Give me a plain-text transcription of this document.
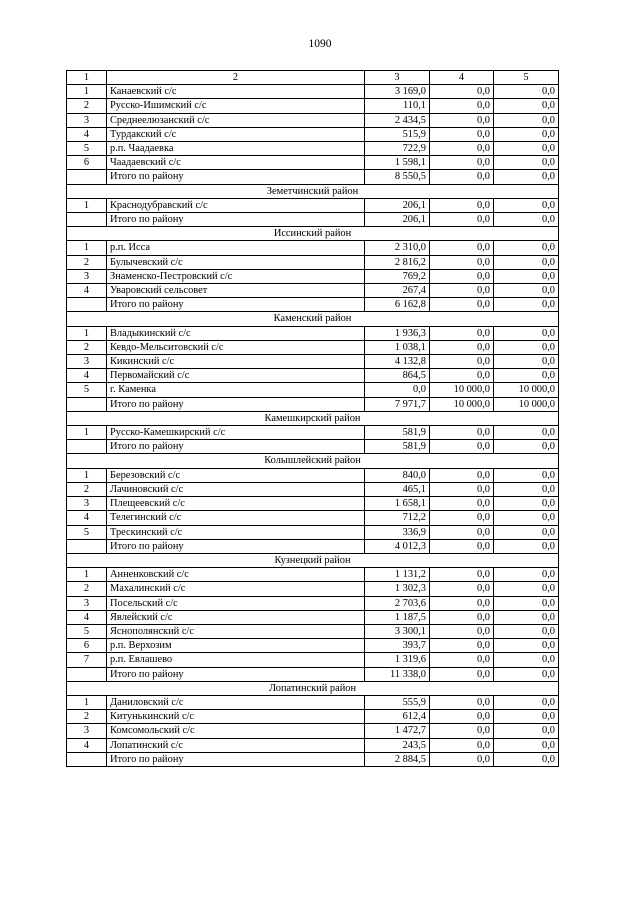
1090
1	2	3	4	5
1	Канаевский с/с	3 169,0	0,0	0,0
2	Русско-Ишимский с/с	110,1	0,0	0,0
3	Среднеелюзанский с/с	2 434,5	0,0	0,0
4	Турдакский с/с	515,9	0,0	0,0
5	р.п. Чаадаевка	722,9	0,0	0,0
6	Чаадаевский с/с	1 598,1	0,0	0,0
	Итого по району	8 550,5	0,0	0,0
Земетчинский район				
1	Краснодубравский с/с	206,1	0,0	0,0
	Итого по району	206,1	0,0	0,0
Иссинский район				
1	р.п. Исса	2 310,0	0,0	0,0
2	Булычевский с/с	2 816,2	0,0	0,0
3	Знаменско-Пестровский с/с	769,2	0,0	0,0
4	Уваровский сельсовет	267,4	0,0	0,0
	Итого по району	6 162,8	0,0	0,0
Каменский район				
1	Владыкинский с/с	1 936,3	0,0	0,0
2	Кевдо-Мельситовский с/с	1 038,1	0,0	0,0
3	Кикинский с/с	4 132,8	0,0	0,0
4	Первомайский с/с	864,5	0,0	0,0
5	г. Каменка	0,0	10 000,0	10 000,0
	Итого по району	7 971,7	10 000,0	10 000,0
Камешкирский район				
1	Русско-Камешкирский с/с	581,9	0,0	0,0
	Итого по району	581,9	0,0	0,0
Колышлейский район				
1	Березовский с/с	840,0	0,0	0,0
2	Лачиновский с/с	465,1	0,0	0,0
3	Плещеевский с/с	1 658,1	0,0	0,0
4	Телегинский с/с	712,2	0,0	0,0
5	Трескинский с/с	336,9	0,0	0,0
	Итого по району	4 012,3	0,0	0,0
Кузнецкий район				
1	Анненковский с/с	1 131,2	0,0	0,0
2	Махалинский с/с	1 302,3	0,0	0,0
3	Посельский с/с	2 703,6	0,0	0,0
4	Явлейский с/с	1 187,5	0,0	0,0
5	Яснополянский с/с	3 300,1	0,0	0,0
6	р.п. Верхозим	393,7	0,0	0,0
7	р.п. Евлашево	1 319,6	0,0	0,0
	Итого по району	11 338,0	0,0	0,0
Лопатинский район				
1	Даниловский с/с	555,9	0,0	0,0
2	Китунькинский с/с	612,4	0,0	0,0
3	Комсомольский с/с	1 472,7	0,0	0,0
4	Лопатинский с/с	243,5	0,0	0,0
	Итого по району	2 884,5	0,0	0,0
